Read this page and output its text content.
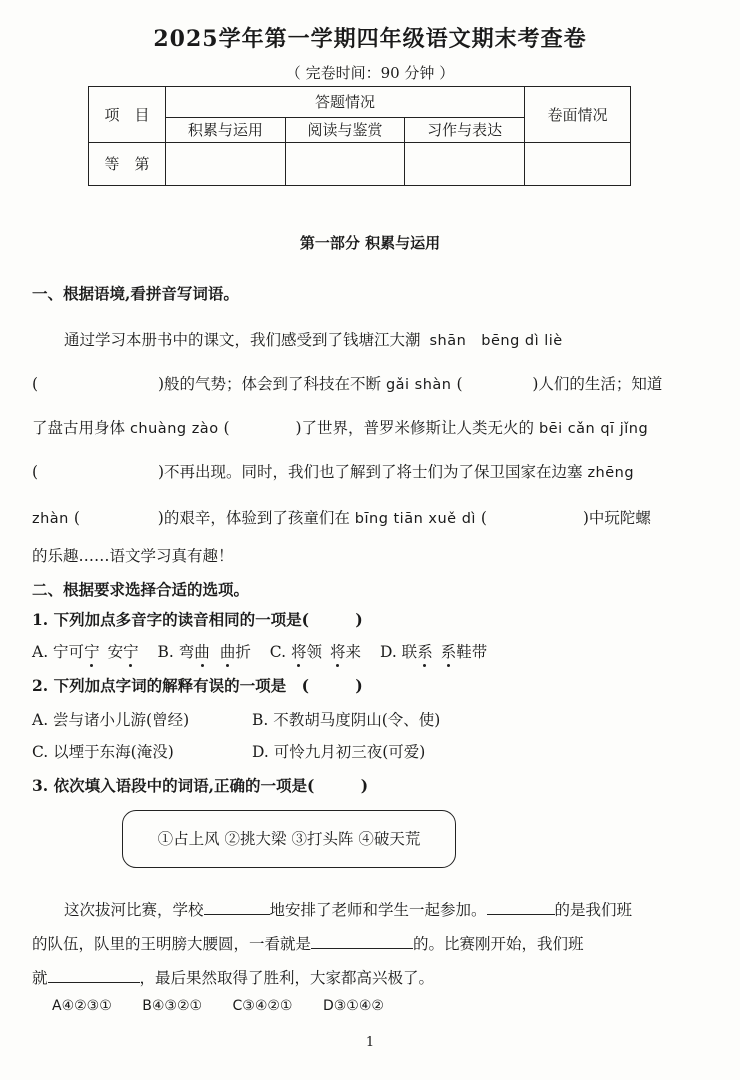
2025学年第一学期四年级语文期末考查卷
（ 完卷时间：90 分钟 ）
项　目	答题情况			卷面情况
	积累与运用	阅读与鉴赏	习作与表达	
等　第				
第一部分 积累与运用
一、根据语境,看拼音写词语。
通过学习本册书中的课文，我们感受到了钱塘江大潮 shān　bēng dì liè
(	)般的气势；体会到了科技在不断 gǎi shàn (	)人们的生活；知道
了盘古用身体 chuàng zào (	)了世界，普罗米修斯让人类无火的 bēi cǎn qī jǐng
(	)不再出现。同时，我们也了解到了将士们为了保卫国家在边塞 zhēng
zhàn (	)的艰辛，体验到了孩童们在 bīng tiān xuě dì (	)中玩陀螺
的乐趣……语文学习真有趣！
二、根据要求选择合适的选项。
1. 下列加点多音字的读音相同的一项是(　　　)
A. 宁可宁 安宁 B. 弯曲 曲折 C. 将领 将来 D. 联系 系鞋带
2. 下列加点字词的解释有误的一项是　(　　　)
A. 尝与诸小儿游(曾经)	B. 不教胡马度阴山(令、使)
C. 以堙于东海(淹没)	D. 可怜九月初三夜(可爱)
3. 依次填入语段中的词语,正确的一项是(　　　)
①占上风 ②挑大梁 ③打头阵 ④破天荒
这次拔河比赛，学校	地安排了老师和学生一起参加。	的是我们班
的队伍，队里的王明膀大腰圆，一看就是	的。比赛刚开始，我们班
就	，最后果然取得了胜利，大家都高兴极了。
A④②③① B④③②① C③④②① D③①④②
1
